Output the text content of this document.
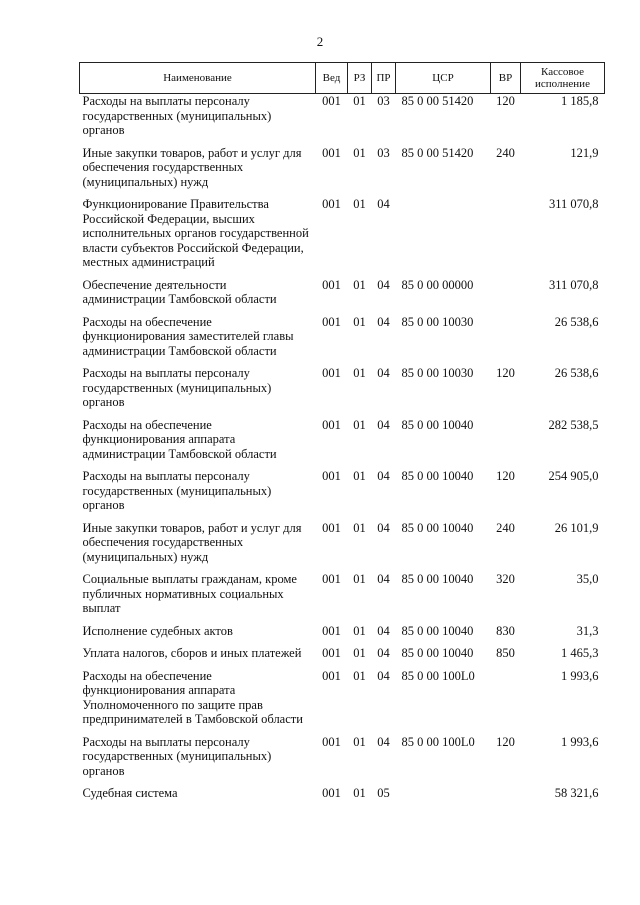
2
Наименование	Вед	РЗ	ПР	ЦСР	ВР	Кассовое исполнение
Расходы на выплаты персоналу государственных (муниципальных) органов	001	01	03	85 0 00 51420	120	1 185,8
Иные закупки товаров, работ и услуг для обеспечения государственных (муниципальных) нужд	001	01	03	85 0 00 51420	240	121,9
Функционирование Правительства Российской Федерации, высших исполнительных органов государственной власти субъектов Российской Федерации, местных администраций	001	01	04			311 070,8
Обеспечение деятельности администрации Тамбовской области	001	01	04	85 0 00 00000		311 070,8
Расходы на обеспечение функционирования заместителей главы администрации Тамбовской области	001	01	04	85 0 00 10030		26 538,6
Расходы на выплаты персоналу государственных (муниципальных) органов	001	01	04	85 0 00 10030	120	26 538,6
Расходы на обеспечение функционирования аппарата администрации Тамбовской области	001	01	04	85 0 00 10040		282 538,5
Расходы на выплаты персоналу государственных (муниципальных) органов	001	01	04	85 0 00 10040	120	254 905,0
Иные закупки товаров, работ и услуг для обеспечения государственных (муниципальных) нужд	001	01	04	85 0 00 10040	240	26 101,9
Социальные выплаты гражданам, кроме публичных нормативных социальных выплат	001	01	04	85 0 00 10040	320	35,0
Исполнение судебных актов	001	01	04	85 0 00 10040	830	31,3
Уплата налогов, сборов и иных платежей	001	01	04	85 0 00 10040	850	1 465,3
Расходы на обеспечение функционирования аппарата Уполномоченного по защите прав предпринимателей в Тамбовской области	001	01	04	85 0 00 100L0		1 993,6
Расходы на выплаты персоналу государственных (муниципальных) органов	001	01	04	85 0 00 100L0	120	1 993,6
Судебная система	001	01	05			58 321,6
